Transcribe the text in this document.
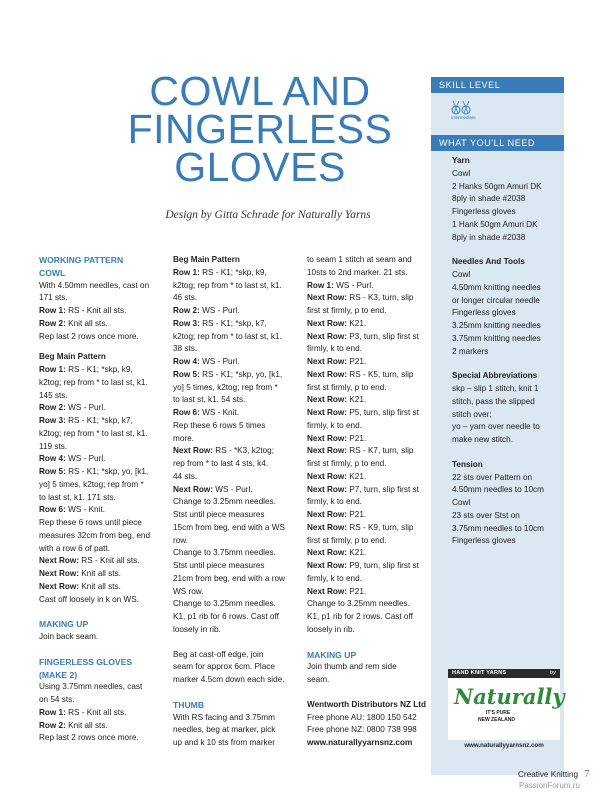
COWL AND
FINGERLESS
GLOVES
Design by Gitta Schrade for Naturally Yarns
WORKING PATTERN
COWL
With 4.50mm needles, cast on
171 sts.
Row 1: RS - Knit all sts.
Row 2: Knit all sts.
Rep last 2 rows once more.
Beg Main Pattern
Row 1: RS - K1; *skp, k9,
k2tog; rep from * to last st, k1.
145 sts.
Row 2: WS - Purl.
Row 3: RS - K1; *skp, k7,
k2tog; rep from * to last st, k1.
119 sts.
Row 4: WS - Purl.
Row 5: RS - K1; *skp, yo, [k1,
yo] 5 times, k2tog; rep from *
to last st, k1. 171 sts.
Row 6: WS - Knit.
Rep these 6 rows until piece
measures 32cm from beg, end
with a row 6 of patt.
Next Row: RS - Knit all sts.
Next Row: Knit all sts.
Next Row: Knit all sts.
Cast off loosely in k on WS.
MAKING UP
Join back seam.
FINGERLESS GLOVES
(MAKE 2)
Using 3.75mm needles, cast
on 54 sts.
Row 1: RS - Knit all sts.
Row 2: Knit all sts.
Rep last 2 rows once more.
Beg Main Pattern
Row 1: RS - K1; *skp, k9,
k2tog; rep from * to last st, k1.
46 sts.
Row 2: WS - Purl.
Row 3: RS - K1; *skp, k7,
k2tog; rep from * to last st, k1.
38 sts.
Row 4: WS - Purl.
Row 5: RS - K1; *skp, yo, [k1,
yo] 5 times, k2tog; rep from *
to last st, k1. 54 sts.
Row 6: WS - Knit.
Rep these 6 rows 5 times
more.
Next Row: RS - *K3, k2tog;
rep from * to last 4 sts, k4.
44 sts.
Next Row: WS - Purl.
Change to 3.25mm needles.
Stst until piece measures
15cm from beg, end with a WS
row.
Change to 3.75mm needles.
Stst until piece measures
21cm from beg, end with a row
WS row.
Change to 3.25mm needles.
K1, p1 rib for 6 rows. Cast off
loosely in rib.
Beg at cast-off edge, join
seam for approx 6cm. Place
marker 4.5cm down each side.
THUMB
With RS facing and 3.75mm
needles, beg at marker, pick
up and k 10 sts from marker
to seam 1 stitch at seam and
10sts to 2nd marker. 21 sts.
Row 1: WS - Purl.
Next Row: RS - K3, turn, slip
first st firmly, p to end.
Next Row: K21.
Next Row: P3, turn, slip first st
firmly, k to end.
Next Row: P21.
Next Row: RS - K5, turn, slip
first st firmly, p to end.
Next Row: K21.
Next Row: P5, turn, slip first st
firmly, k to end.
Next Row: P21.
Next Row: RS - K7, turn, slip
first st firmly, p to end.
Next Row: K21.
Next Row: P7, turn, slip first st
firmly, k to end.
Next Row: P21.
Next Row: RS - K9, turn, slip
first st firmly, p to end.
Next Row: K21.
Next Row: P9, turn, slip first st
firmly, k to end.
Next Row: P21.
Change to 3.25mm needles.
K1, p1 rib for 2 rows. Cast off
loosely in rib.
MAKING UP
Join thumb and rem side
seam.
Wentworth Distributors NZ Ltd
Free phone AU: 1800 150 542
Free phone NZ: 0800 738 998
www.naturallyyarnsnz.com
SKILL LEVEL
intermediate
WHAT YOU'LL NEED
Yarn
Cowl
2 Hanks 50gm Amuri DK
8ply in shade #2038
Fingerless gloves
1 Hank 50gm Amuri DK
8ply in shade #2038
Needles And Tools
Cowl
4.50mm knitting needles
or longer circular needle
Fingerless gloves
3.25mm knitting needles
3.75mm knitting needles
2 markers
Special Abbreviations
skp – slip 1 stitch, knit 1
stitch, pass the slipped
stitch over;
yo – yarn over needle to
make new stitch.
Tension
22 sts over Pattern on
4.50mm needles to 10cm
Cowl
23 sts over Stst on
3.75mm needles to 10cm
Fingerless gloves
HAND KNIT YARNS	by
Naturally
IT'S PURE
NEW ZEALAND
www.naturallyyarnsnz.com
Creative Knitting 7
PassionForum.ru
